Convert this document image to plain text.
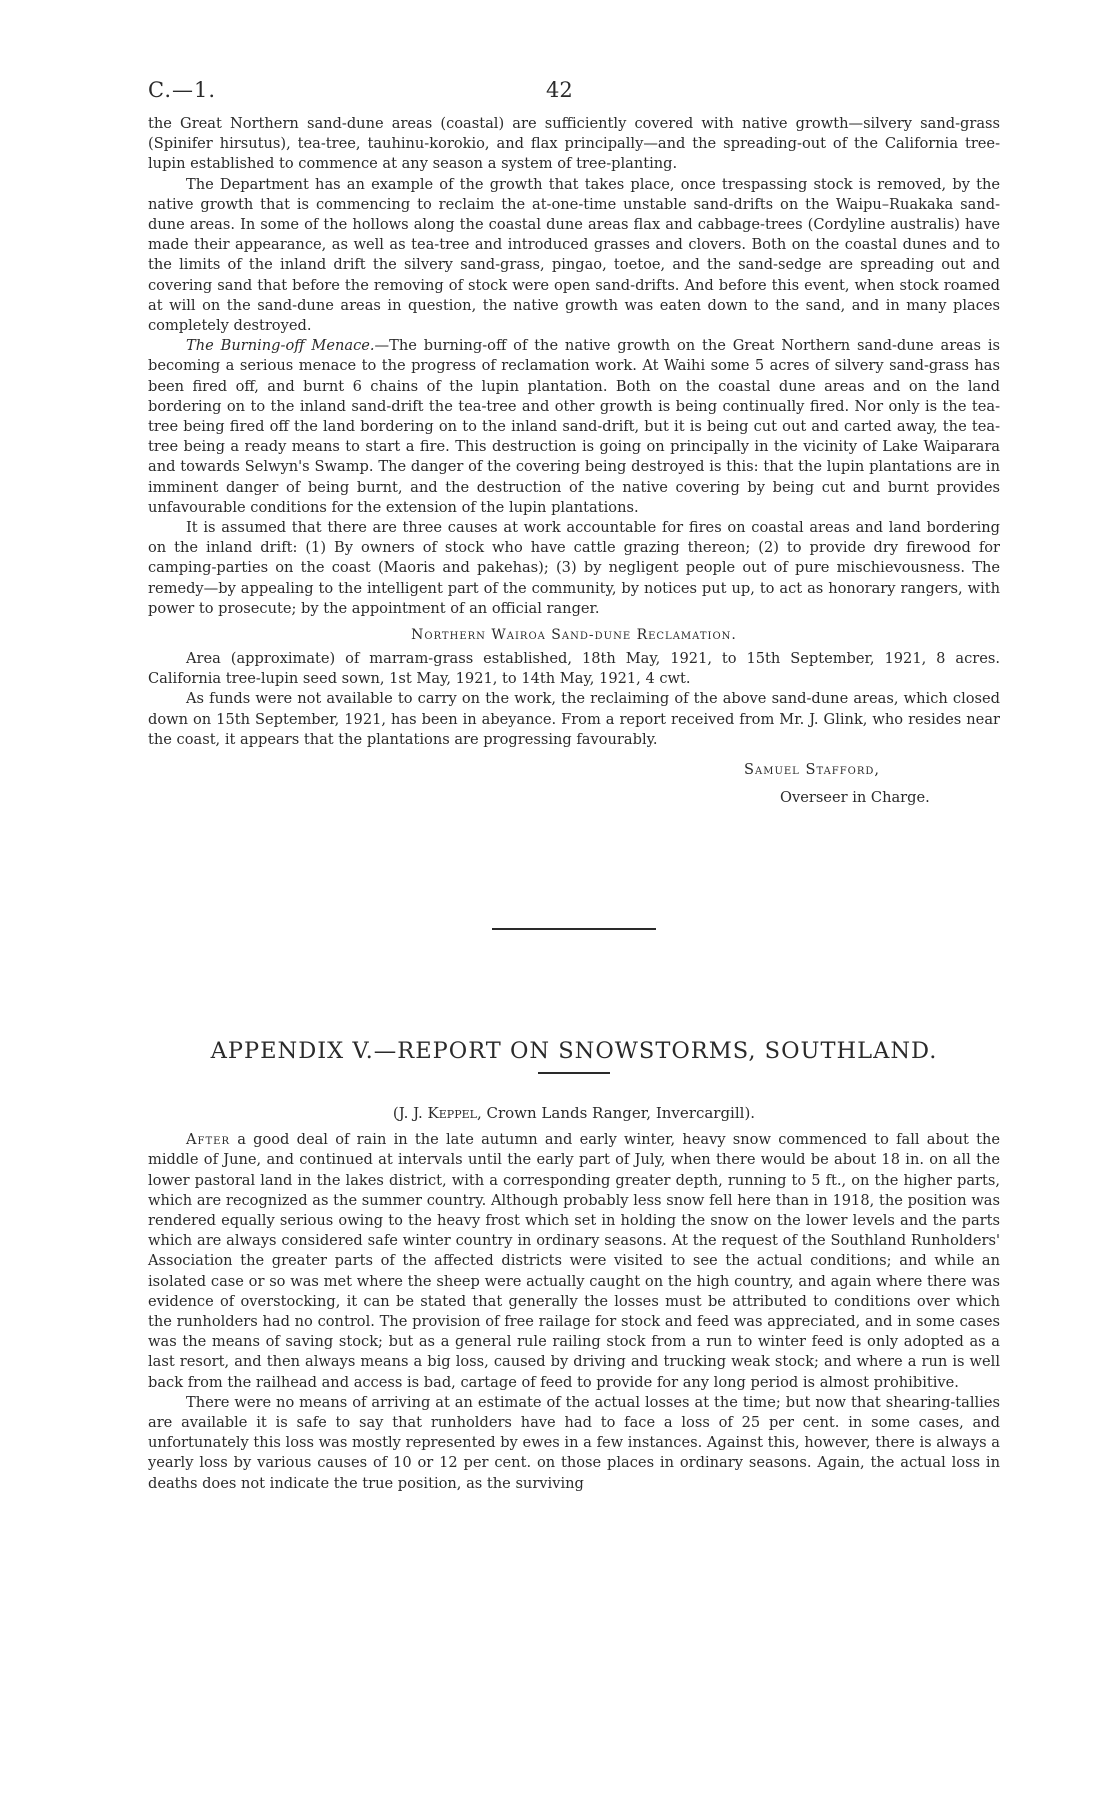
C.—1.	42

the Great Northern sand-dune areas (coastal) are sufficiently covered with native growth—silvery sand-grass (Spinifer hirsutus), tea-tree, tauhinu-korokio, and flax principally—and the spreading-out of the California tree-lupin established to commence at any season a system of tree-planting.

The Department has an example of the growth that takes place, once trespassing stock is removed, by the native growth that is commencing to reclaim the at-one-time unstable sand-drifts on the Waipu–Ruakaka sand-dune areas. In some of the hollows along the coastal dune areas flax and cabbage-trees (Cordyline australis) have made their appearance, as well as tea-tree and introduced grasses and clovers. Both on the coastal dunes and to the limits of the inland drift the silvery sand-grass, pingao, toetoe, and the sand-sedge are spreading out and covering sand that before the removing of stock were open sand-drifts. And before this event, when stock roamed at will on the sand-dune areas in question, the native growth was eaten down to the sand, and in many places completely destroyed.

The Burning-off Menace.—The burning-off of the native growth on the Great Northern sand-dune areas is becoming a serious menace to the progress of reclamation work. At Waihi some 5 acres of silvery sand-grass has been fired off, and burnt 6 chains of the lupin plantation. Both on the coastal dune areas and on the land bordering on to the inland sand-drift the tea-tree and other growth is being continually fired. Nor only is the tea-tree being fired off the land bordering on to the inland sand-drift, but it is being cut out and carted away, the tea-tree being a ready means to start a fire. This destruction is going on principally in the vicinity of Lake Waiparara and towards Selwyn's Swamp. The danger of the covering being destroyed is this: that the lupin plantations are in imminent danger of being burnt, and the destruction of the native covering by being cut and burnt provides unfavourable conditions for the extension of the lupin plantations.

It is assumed that there are three causes at work accountable for fires on coastal areas and land bordering on the inland drift: (1) By owners of stock who have cattle grazing thereon; (2) to provide dry firewood for camping-parties on the coast (Maoris and pakehas); (3) by negligent people out of pure mischievousness. The remedy—by appealing to the intelligent part of the community, by notices put up, to act as honorary rangers, with power to prosecute; by the appointment of an official ranger.

Northern Wairoa Sand-dune Reclamation.

Area (approximate) of marram-grass established, 18th May, 1921, to 15th September, 1921, 8 acres. California tree-lupin seed sown, 1st May, 1921, to 14th May, 1921, 4 cwt.

As funds were not available to carry on the work, the reclaiming of the above sand-dune areas, which closed down on 15th September, 1921, has been in abeyance. From a report received from Mr. J. Glink, who resides near the coast, it appears that the plantations are progressing favourably.

Samuel Stafford,
Overseer in Charge.
APPENDIX V.—REPORT ON SNOWSTORMS, SOUTHLAND.
(J. J. Keppel, Crown Lands Ranger, Invercargill).

After a good deal of rain in the late autumn and early winter, heavy snow commenced to fall about the middle of June, and continued at intervals until the early part of July, when there would be about 18 in. on all the lower pastoral land in the lakes district, with a corresponding greater depth, running to 5 ft., on the higher parts, which are recognized as the summer country. Although probably less snow fell here than in 1918, the position was rendered equally serious owing to the heavy frost which set in holding the snow on the lower levels and the parts which are always considered safe winter country in ordinary seasons. At the request of the Southland Runholders' Association the greater parts of the affected districts were visited to see the actual conditions; and while an isolated case or so was met where the sheep were actually caught on the high country, and again where there was evidence of overstocking, it can be stated that generally the losses must be attributed to conditions over which the runholders had no control. The provision of free railage for stock and feed was appreciated, and in some cases was the means of saving stock; but as a general rule railing stock from a run to winter feed is only adopted as a last resort, and then always means a big loss, caused by driving and trucking weak stock; and where a run is well back from the railhead and access is bad, cartage of feed to provide for any long period is almost prohibitive.

There were no means of arriving at an estimate of the actual losses at the time; but now that shearing-tallies are available it is safe to say that runholders have had to face a loss of 25 per cent. in some cases, and unfortunately this loss was mostly represented by ewes in a few instances. Against this, however, there is always a yearly loss by various causes of 10 or 12 per cent. on those places in ordinary seasons. Again, the actual loss in deaths does not indicate the true position, as the surviving
